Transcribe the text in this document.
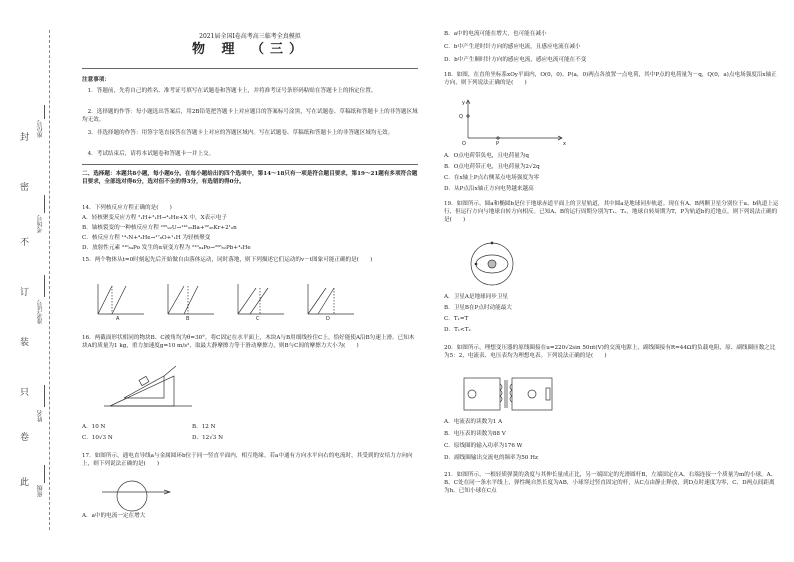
封
密
不
订
装
只
卷
此
座位号
考场号
准考证号
姓名
班级
2021届全国Ⅰ卷高考高三临考全真模拟
物 理 （三）
注意事项：
1．答题前，先将自己的姓名、准考证号填写在试题卷和答题卡上，并将准考证号条形码粘贴在答题卡上的指定位置。
2．选择题的作答：每小题选出答案后，用2B铅笔把答题卡上对应题目的答案标号涂黑，写在试题卷、草稿纸和答题卡上的非答题区域均无效。
3．非选择题的作答：用签字笔直接答在答题卡上对应的答题区域内。写在试题卷、草稿纸和答题卡上的非答题区域均无效。
4．考试结束后，请将本试题卷和答题卡一并上交。
二、选择题：本题共8小题，每小题6分。在每小题给出的四个选项中，第14～18只有一项是符合题目要求，第19～21题有多项符合题目要求，全部选对得6分，选对但不全的得3分，有选错的得0分。
14．下列核反应方程正确的是(　　)
A．轻核聚变反应方程 ²₁H+³₁H→⁴₂He+X 中，X表示电子
B．铀核裂变的一种核反应方程 ²³⁵₉₂U→¹⁴¹₅₆Ba+⁹²₃₆Kr+2¹₀n
C．核反应方程 ¹⁴₇N+⁴₂He→¹⁷₈O+¹₁H 为轻核聚变
D．放射性元素 ²¹⁰₈₄Po 发生的α衰变方程为 ²¹⁰₈₄Po→²⁰⁶₈₂Pb+⁴₂He
15．两个物体从t=0时刻起先后开始做自由落体运动，同时落地，则下列描述它们运动的v－t图象可能正确的是(　　)
A	B	C	D
16．两截面形状相同的物块B、C被角均为θ=30°，将C固定在水平面上，木块A与B用细线拴住C上，恰好能使A沿B匀速上滑。已知木块A的质量为1 kg，重力加速度g=10 m/s²，取最大静摩擦力等于滑动摩擦力，则B与C间的摩擦力大小为(　　)
A．10 N	B．12 N
C．10√3 N	D．12√3 N
17．如图所示，通电直导线a与金属圆环b位于同一竖直平面内，相互绝缘。若a中通有方向水平向右的电流时，其受到的安培力方向向上，则下列说法正确的是(　　)
A．a中的电流一定在增大
B．a中的电流可能在增大，也可能在减小
C．b中产生逆时针方向的感应电流，且感应电流在减小
D．b中产生顺时针方向的感应电流，感应电流可能在不变
18．如图，在直角坐标系xOy平面内，O(0，0)、P(a，0)两点各放置一点电荷，其中P点的电荷量为－q，Q(0，a)点电场强度沿x轴正方向，则下列说法正确的是(　　)
y
Q
O	P	x
A．O点电荷带负电，且电荷量为q
B．O点电荷带正电，且电荷量为2√2q
C．在x轴上P点右侧某点电场强度为零
D．从P点沿x轴正方向电势越来越高
19．如图所示，圆a和椭圆b是位于地球赤道平面上的卫星轨道，其中圆a是地球同步轨道。现在有A、B两颗卫星分别位于a、b轨道上运行，但运行方向与地球自转方向相反。已知A、B的运行周期分别为T₁、T₂，地球自转周期为T，P为轨道b的近地点。则下列说法正确的是(　　)
A．卫星A是地球同步卫星
B．卫星B在P点时动能最大
C．T₁=T
D．T₁<T₂
20．如图所示，理想变压器的原线圈接在u=220√2sin 50πt(V)的交流电源上，副线圈接有R=44Ω的负载电阻，原、副线圈匝数之比为5：2，电流表、电压表均为理想电表。下列说法正确的是(　　)
A．电流表的读数为1 A
B．电压表的读数为88 V
C．原线圈的输入功率为176 W
D．副线圈输出交流电的频率为50 Hz
21．如图所示，一根轻质弹簧的劲度与其伸长量成正比，另一端固定的光滑圆杆B，左端固定在A，右端连接一个质量为m的小球，A、B、C处在同一条水平线上，弹性绳自然长度为AB，小球穿过竖直固定的杆，从C点由静止释放，到D点时速度为零，C、D两点间距离为h。已知小球在C点
